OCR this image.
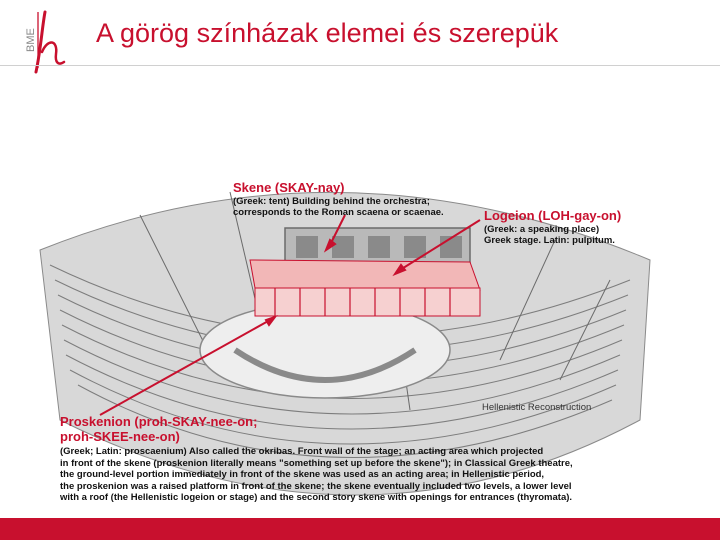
BME A görög színházak elemei és szerepük
Skene (SKAY-nay)
(Greek: tent) Building behind the orchestra;
corresponds to the Roman scaena or scaenae.	Logeion (LOH-gay-on)
(Greek: a speaking place)
Greek stage. Latin: pulpitum.
Hellenistic Reconstruction
Proskenion (proh-SKAY-nee-on;
proh-SKEE-nee-on)
(Greek; Latin: proscaenium) Also called the okribas. Front wall of the stage; an acting area which projected
in front of the skene (proskenion literally means "something set up before the skene"); in Classical Greek theatre,
the ground-level portion immediately in front of the skene was used as an acting area; in Hellenistic period,
the proskenion was a raised platform in front of the skene; the skene eventually included two levels, a lower level
with a roof (the Hellenistic logeion or stage) and the second story skene with openings for entrances (thyromata).
